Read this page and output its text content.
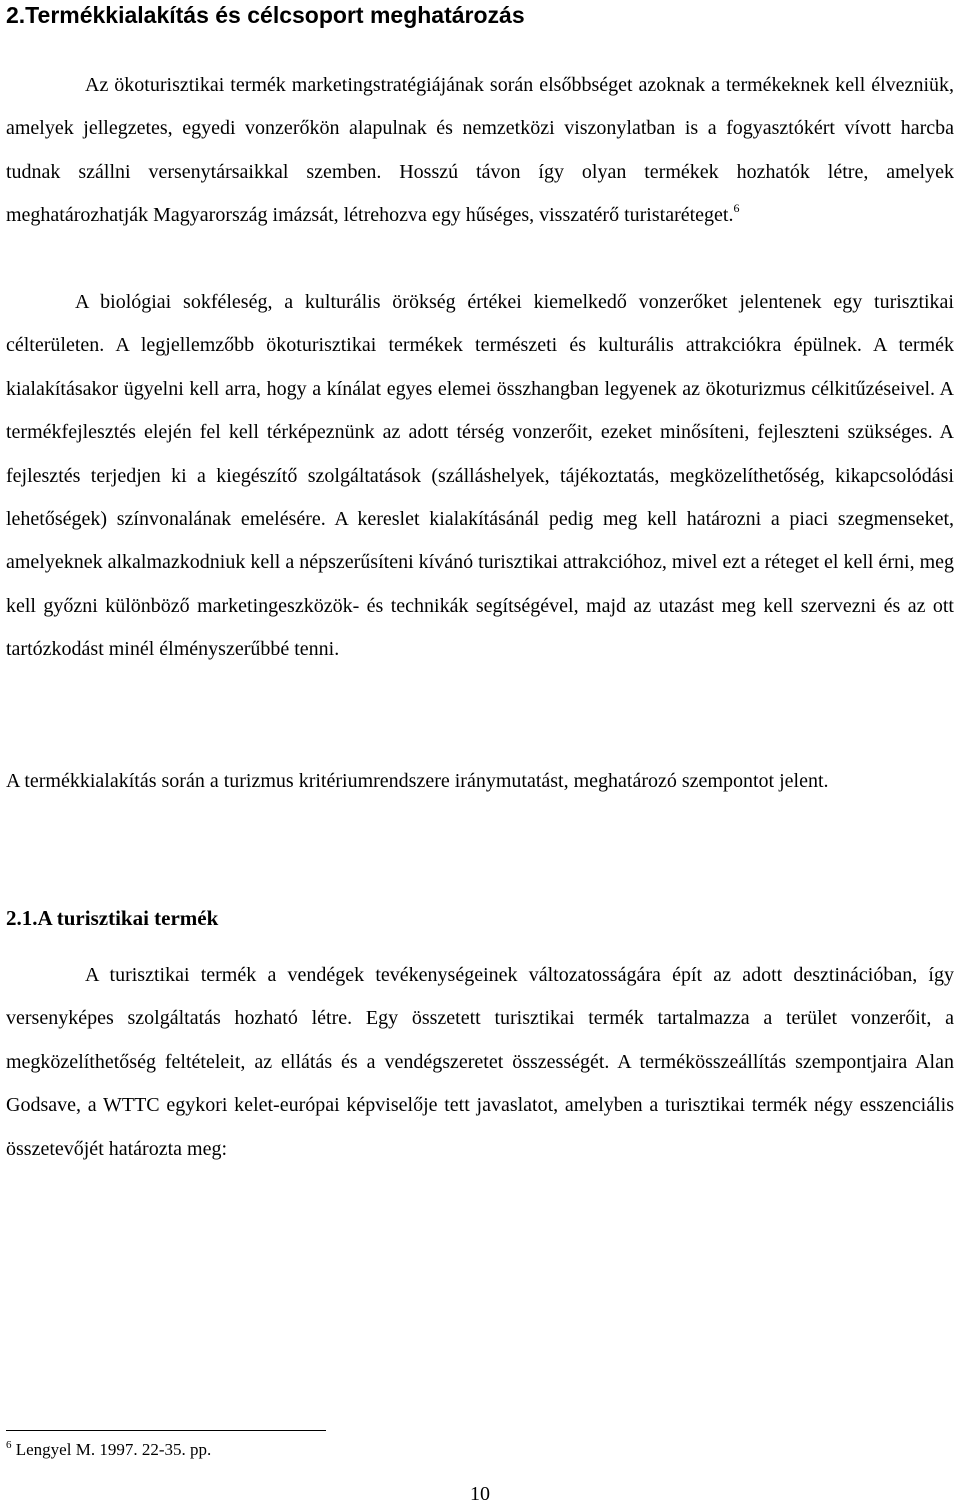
2.Termékkialakítás és célcsoport meghatározás

Az ökoturisztikai termék marketingstratégiájának során elsőbbséget azoknak a termékeknek kell élvezniük, amelyek jellegzetes, egyedi vonzerőkön alapulnak és nemzetközi viszonylatban is a fogyasztókért vívott harcba tudnak szállni versenytársaikkal szemben. Hosszú távon így olyan termékek hozhatók létre, amelyek meghatározhatják Magyarország imázsát, létrehozva egy hűséges, visszatérő turistaréteget.$^6$

A biológiai sokféleség, a kulturális örökség értékei kiemelkedő vonzerőket jelentenek egy turisztikai célterületen. A legjellemzőbb ökoturisztikai termékek természeti és kulturális attrakciókra épülnek. A termék kialakításakor ügyelni kell arra, hogy a kínálat egyes elemei összhangban legyenek az ökoturizmus célkitűzéseivel. A termékfejlesztés elején fel kell térképeznünk az adott térség vonzerőit, ezeket minősíteni, fejleszteni szükséges. A fejlesztés terjedjen ki a kiegészítő szolgáltatások (szálláshelyek, tájékoztatás, megközelíthetőség, kikapcsolódási lehetőségek) színvonalának emelésére. A kereslet kialakításánál pedig meg kell határozni a piaci szegmenseket, amelyeknek alkalmazkodniuk kell a népszerűsíteni kívánó turisztikai attrakcióhoz, mivel ezt a réteget el kell érni, meg kell győzni különböző marketingeszközök- és technikák segítségével, majd az utazást meg kell szervezni és az ott tartózkodást minél élményszerűbbé tenni.

A termékkialakítás során a turizmus kritériumrendszere iránymutatást, meghatározó szempontot jelent.

2.1.A turisztikai termék

A turisztikai termék a vendégek tevékenységeinek változatosságára épít az adott desztinációban, így versenyképes szolgáltatás hozható létre. Egy összetett turisztikai termék tartalmazza a terület vonzerőit, a megközelíthetőség feltételeit, az ellátás és a vendégszeretet összességét. A termékösszeállítás szempontjaira Alan Godsave, a WTTC egykori kelet-európai képviselője tett javaslatot, amelyben a turisztikai termék négy esszenciális összetevőjét határozta meg:

$^6$ Lengyel M. 1997. 22-35. pp.
10
